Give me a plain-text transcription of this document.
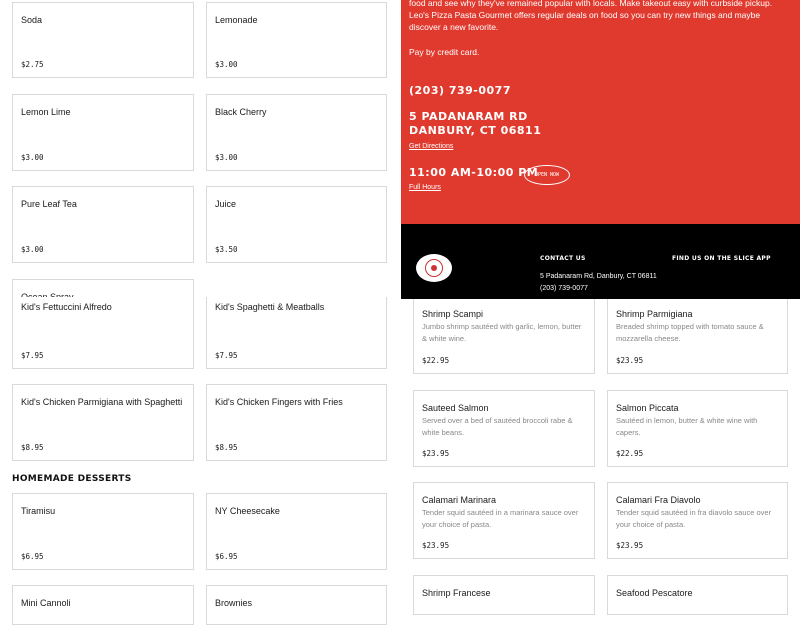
Soda
$2.75
Lemonade
$3.00
Lemon Lime
$3.00
Black Cherry
$3.00
Pure Leaf Tea
$3.00
Juice
$3.50
Kid's Fettuccini Alfredo
$7.95
Kid's Spaghetti & Meatballs
$7.95
Kid's Chicken Parmigiana with Spaghetti
$8.95
Kid's Chicken Fingers with Fries
$8.95
HOMEMADE DESSERTS
Tiramisu
$6.95
NY Cheesecake
$6.95
Mini Cannoli	Brownies
Shrimp Scampi
Jumbo shrimp sautéed with garlic, lemon, butter & white wine.
$22.95
Shrimp Parmigiana
Breaded shrimp topped with tomato sauce & mozzarella cheese.
$23.95
Sauteed Salmon
Served over a bed of sautéed broccoli rabe & white beans.
$23.95
Salmon Piccata
Sautéed in lemon, butter & white wine with capers.
$22.95
Calamari Marinara
Tender squid sautéed in a marinara sauce over your choice of pasta.
$23.95
Calamari Fra Diavolo
Tender squid sautéed in fra diavolo sauce over your choice of pasta.
$23.95
Shrimp Francese	Seafood Pescatore
food and see why they've remained popular with locals. Make takeout easy with curbside pickup. Leo's Pizza Pasta Gourmet offers regular deals on food so you can try new things and maybe discover a new favorite.
Pay by credit card.
(203) 739-0077
5 PADANARAM RD
DANBURY, CT 06811
Get Directions
11:00 AM-10:00 PM
OPEN NOW
Full Hours
CONTACT US
5 Padanaram Rd, Danbury, CT 06811
(203) 739-0077
FIND US ON THE SLICE APP
